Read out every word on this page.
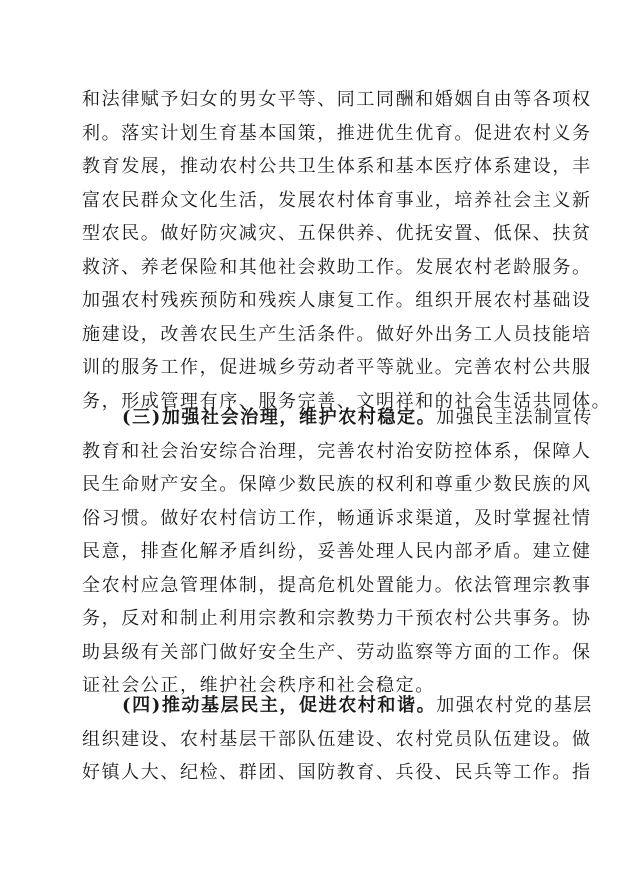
和法律赋予妇女的男女平等、同工同酬和婚姻自由等各项权
利。落实计划生育基本国策，推进优生优育。促进农村义务
教育发展，推动农村公共卫生体系和基本医疗体系建设，丰
富农民群众文化生活，发展农村体育事业，培养社会主义新
型农民。做好防灾减灾、五保供养、优抚安置、低保、扶贫
救济、养老保险和其他社会救助工作。发展农村老龄服务。
加强农村残疾预防和残疾人康复工作。组织开展农村基础设
施建设，改善农民生产生活条件。做好外出务工人员技能培
训的服务工作，促进城乡劳动者平等就业。完善农村公共服
务，形成管理有序、服务完善、文明祥和的社会生活共同体。
(三)加强社会治理，维护农村稳定。加强民主法制宣传
教育和社会治安综合治理，完善农村治安防控体系，保障人
民生命财产安全。保障少数民族的权利和尊重少数民族的风
俗习惯。做好农村信访工作，畅通诉求渠道，及时掌握社情
民意，排查化解矛盾纠纷，妥善处理人民内部矛盾。建立健
全农村应急管理体制，提高危机处置能力。依法管理宗教事
务，反对和制止利用宗教和宗教势力干预农村公共事务。协
助县级有关部门做好安全生产、劳动监察等方面的工作。保
证社会公正，维护社会秩序和社会稳定。
(四)推动基层民主，促进农村和谐。加强农村党的基层
组织建设、农村基层干部队伍建设、农村党员队伍建设。做
好镇人大、纪检、群团、国防教育、兵役、民兵等工作。指
